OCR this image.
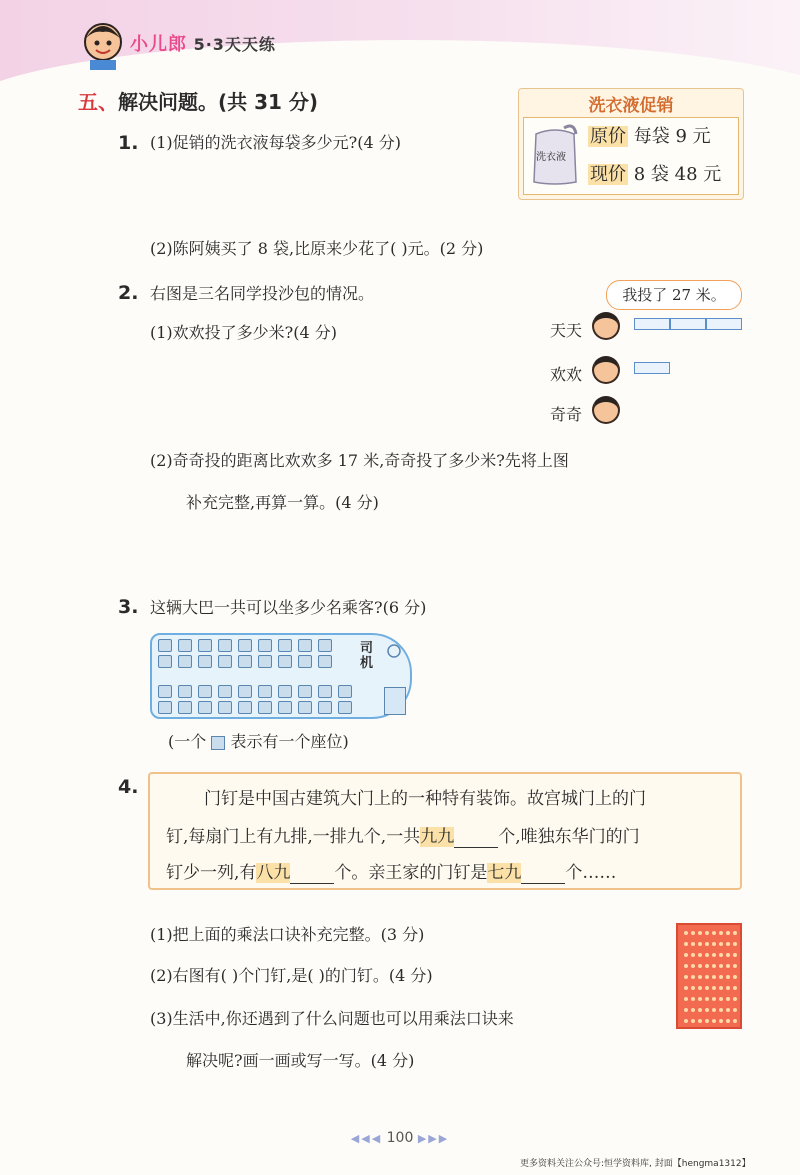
小儿郎 5·3天天练
五、解决问题。(共 31 分)
1. (1)促销的洗衣液每袋多少元?(4 分)
(2)陈阿姨买了 8 袋,比原来少花了( )元。(2 分)
洗衣液促销
洗衣液
原价 每袋 9 元
现价 8 袋 48 元
2. 右图是三名同学投沙包的情况。
(1)欢欢投了多少米?(4 分)
(2)奇奇投的距离比欢欢多 17 米,奇奇投了多少米?先将上图
补充完整,再算一算。(4 分)
我投了 27 米。
天天
欢欢
奇奇
3. 这辆大巴一共可以坐多少名乘客?(6 分)
司
机
(一个 表示有一个座位)
4.
门钉是中国古建筑大门上的一种特有装饰。故宫城门上的门
钉,每扇门上有九排,一排九个,一共九九	个,唯独东华门的门
钉少一列,有八九	个。亲王家的门钉是七九	个……
(1)把上面的乘法口诀补充完整。(3 分)
(2)右图有( )个门钉,是( )的门钉。(4 分)
(3)生活中,你还遇到了什么问题也可以用乘法口诀来
解决呢?画一画或写一写。(4 分)
◀◀◀ 100 ▶▶▶
更多资料关注公众号:恒学资料库, 封面【hengma1312】
